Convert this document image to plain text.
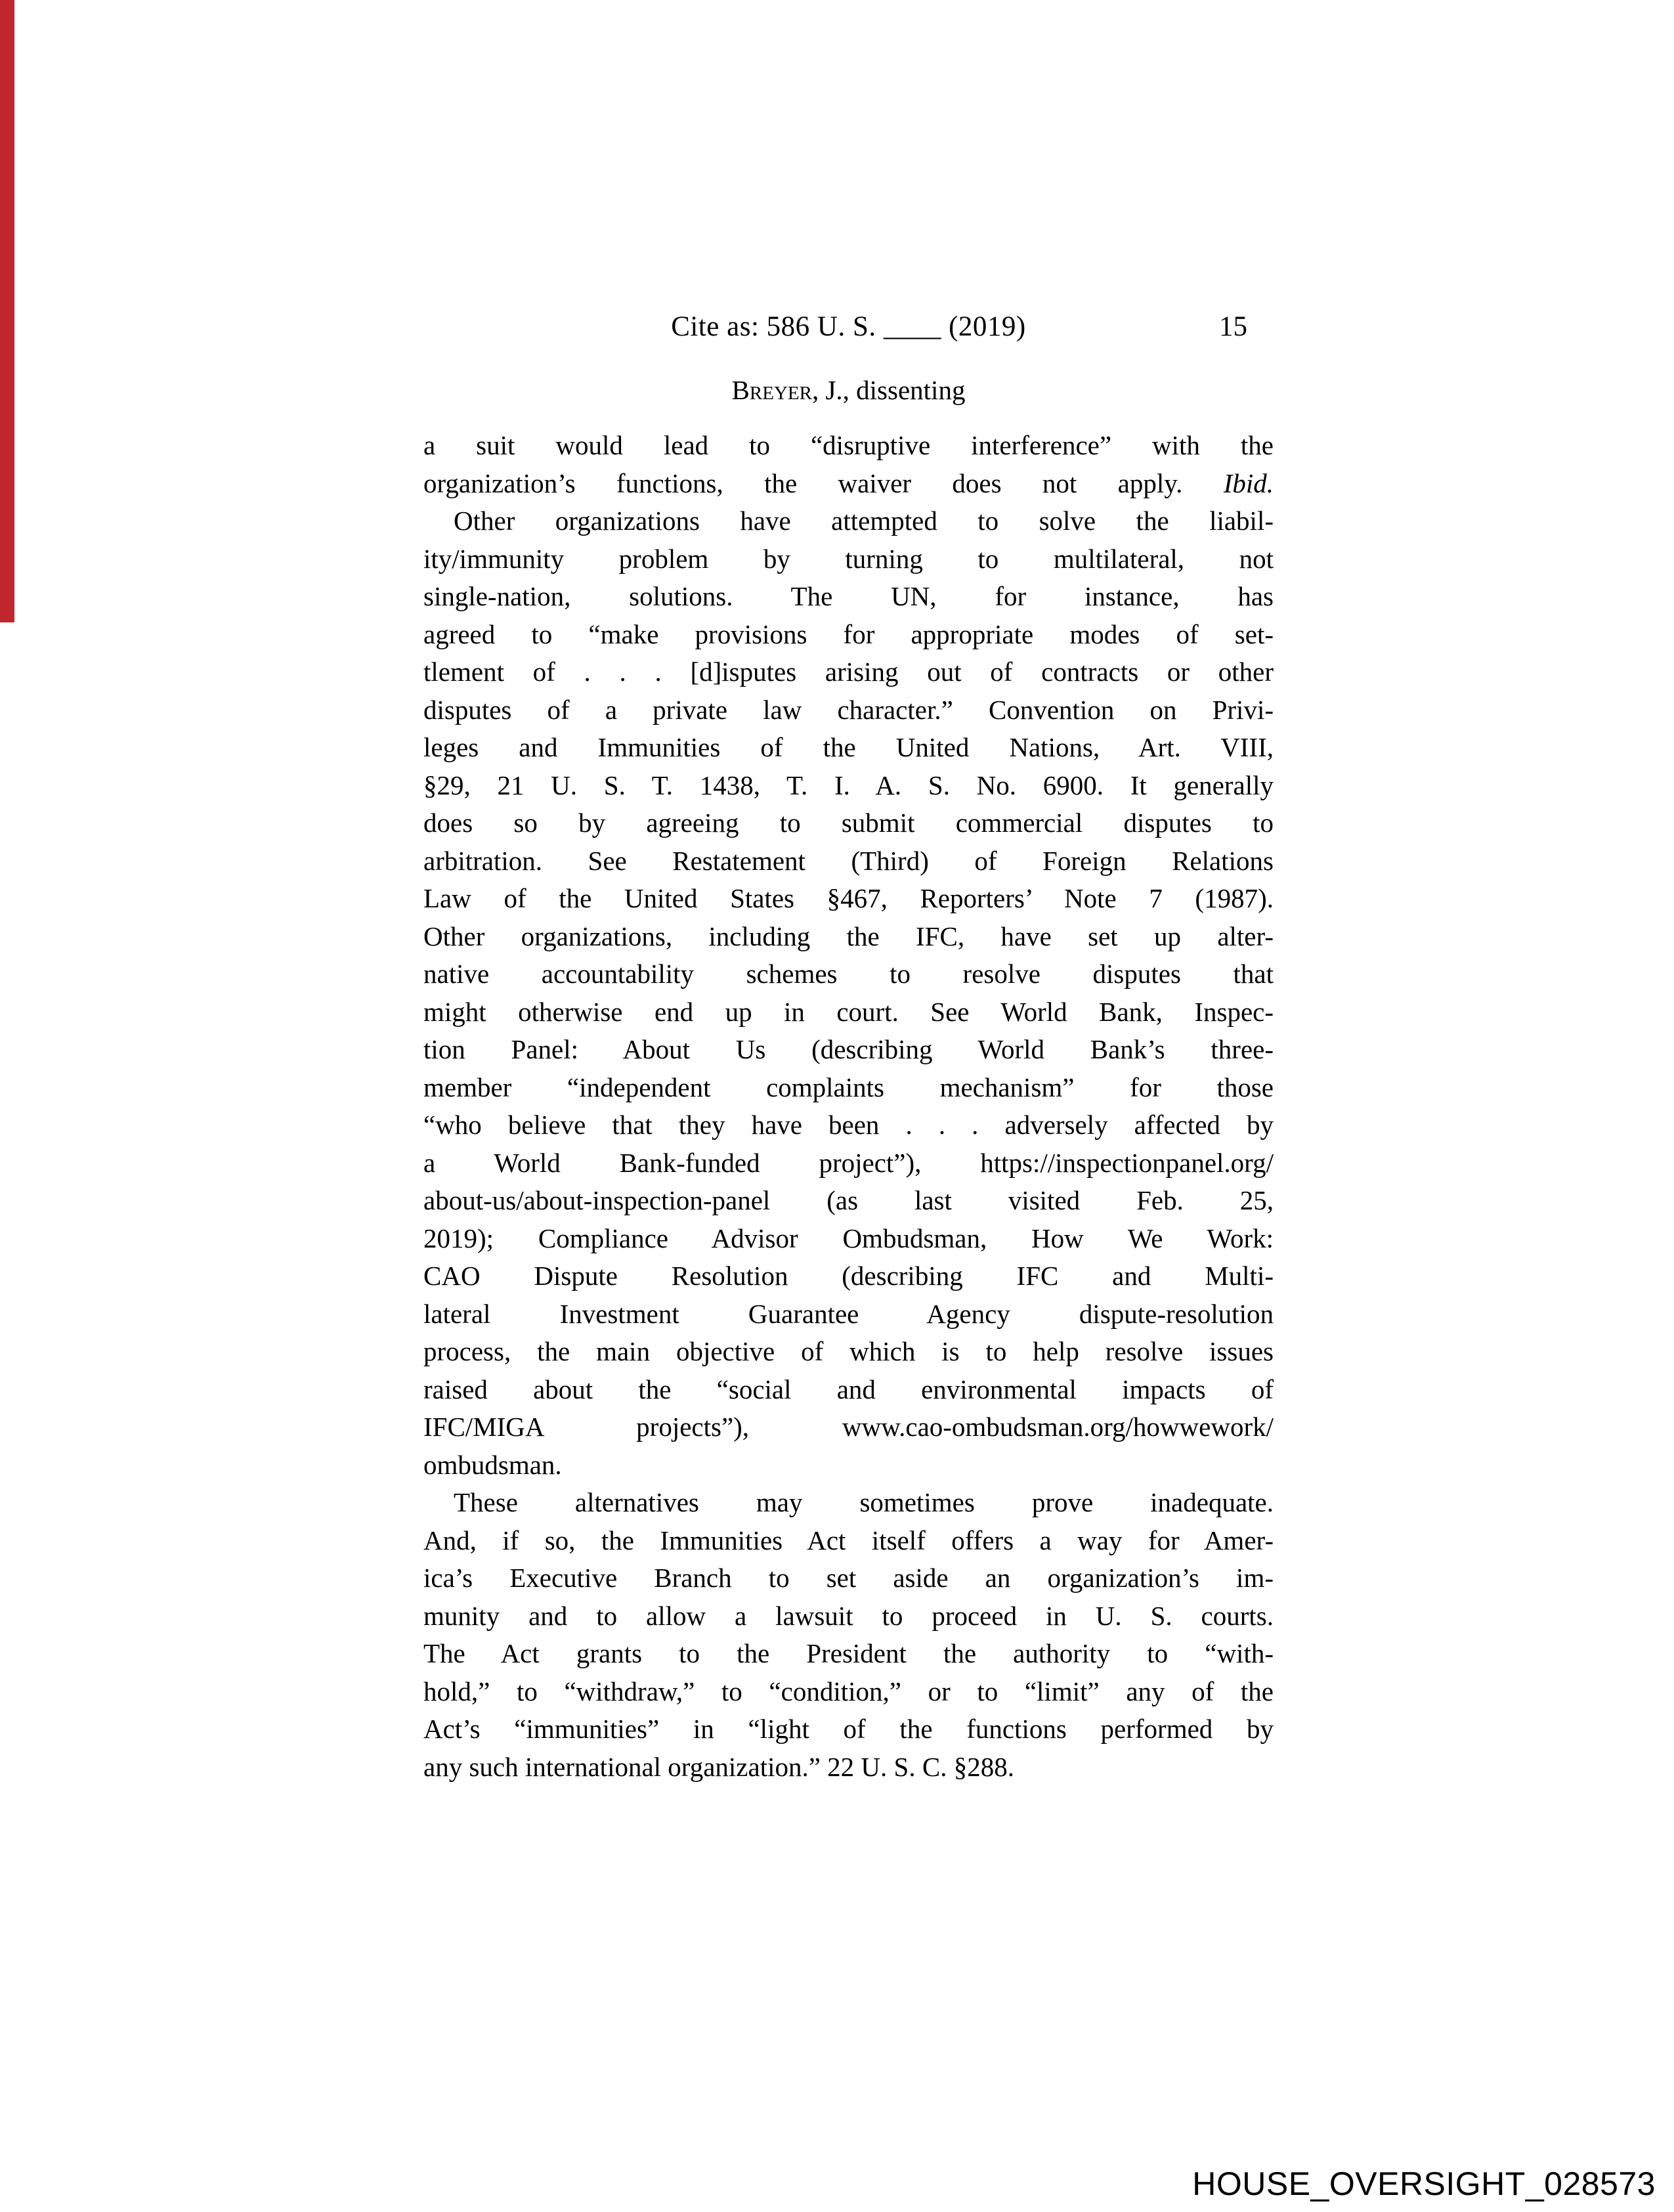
Cite as: 586 U. S. ____ (2019)	15
Breyer, J., dissenting
a suit would lead to “disruptive interference” with the
organization’s functions, the waiver does not apply. Ibid.
Other organizations have attempted to solve the liabil-
ity/immunity problem by turning to multilateral, not
single-nation, solutions. The UN, for instance, has
agreed to “make provisions for appropriate modes of set-
tlement of . . . [d]isputes arising out of contracts or other
disputes of a private law character.” Convention on Privi-
leges and Immunities of the United Nations, Art. VIII,
§29, 21 U. S. T. 1438, T. I. A. S. No. 6900. It generally
does so by agreeing to submit commercial disputes to
arbitration. See Restatement (Third) of Foreign Relations
Law of the United States §467, Reporters’ Note 7 (1987).
Other organizations, including the IFC, have set up alter-
native accountability schemes to resolve disputes that
might otherwise end up in court. See World Bank, Inspec-
tion Panel: About Us (describing World Bank’s three-
member “independent complaints mechanism” for those
“who believe that they have been . . . adversely affected by
a World Bank-funded project”), https://inspectionpanel.org/
about-us/about-inspection-panel (as last visited Feb. 25,
2019); Compliance Advisor Ombudsman, How We Work:
CAO Dispute Resolution (describing IFC and Multi-
lateral Investment Guarantee Agency dispute-resolution
process, the main objective of which is to help resolve issues
raised about the “social and environmental impacts of
IFC/MIGA projects”), www.cao-ombudsman.org/howwework/
ombudsman.
These alternatives may sometimes prove inadequate.
And, if so, the Immunities Act itself offers a way for Amer-
ica’s Executive Branch to set aside an organization’s im-
munity and to allow a lawsuit to proceed in U. S. courts.
The Act grants to the President the authority to “with-
hold,” to “withdraw,” to “condition,” or to “limit” any of the
Act’s “immunities” in “light of the functions performed by
any such international organization.” 22 U. S. C. §288.
HOUSE_OVERSIGHT_028573
